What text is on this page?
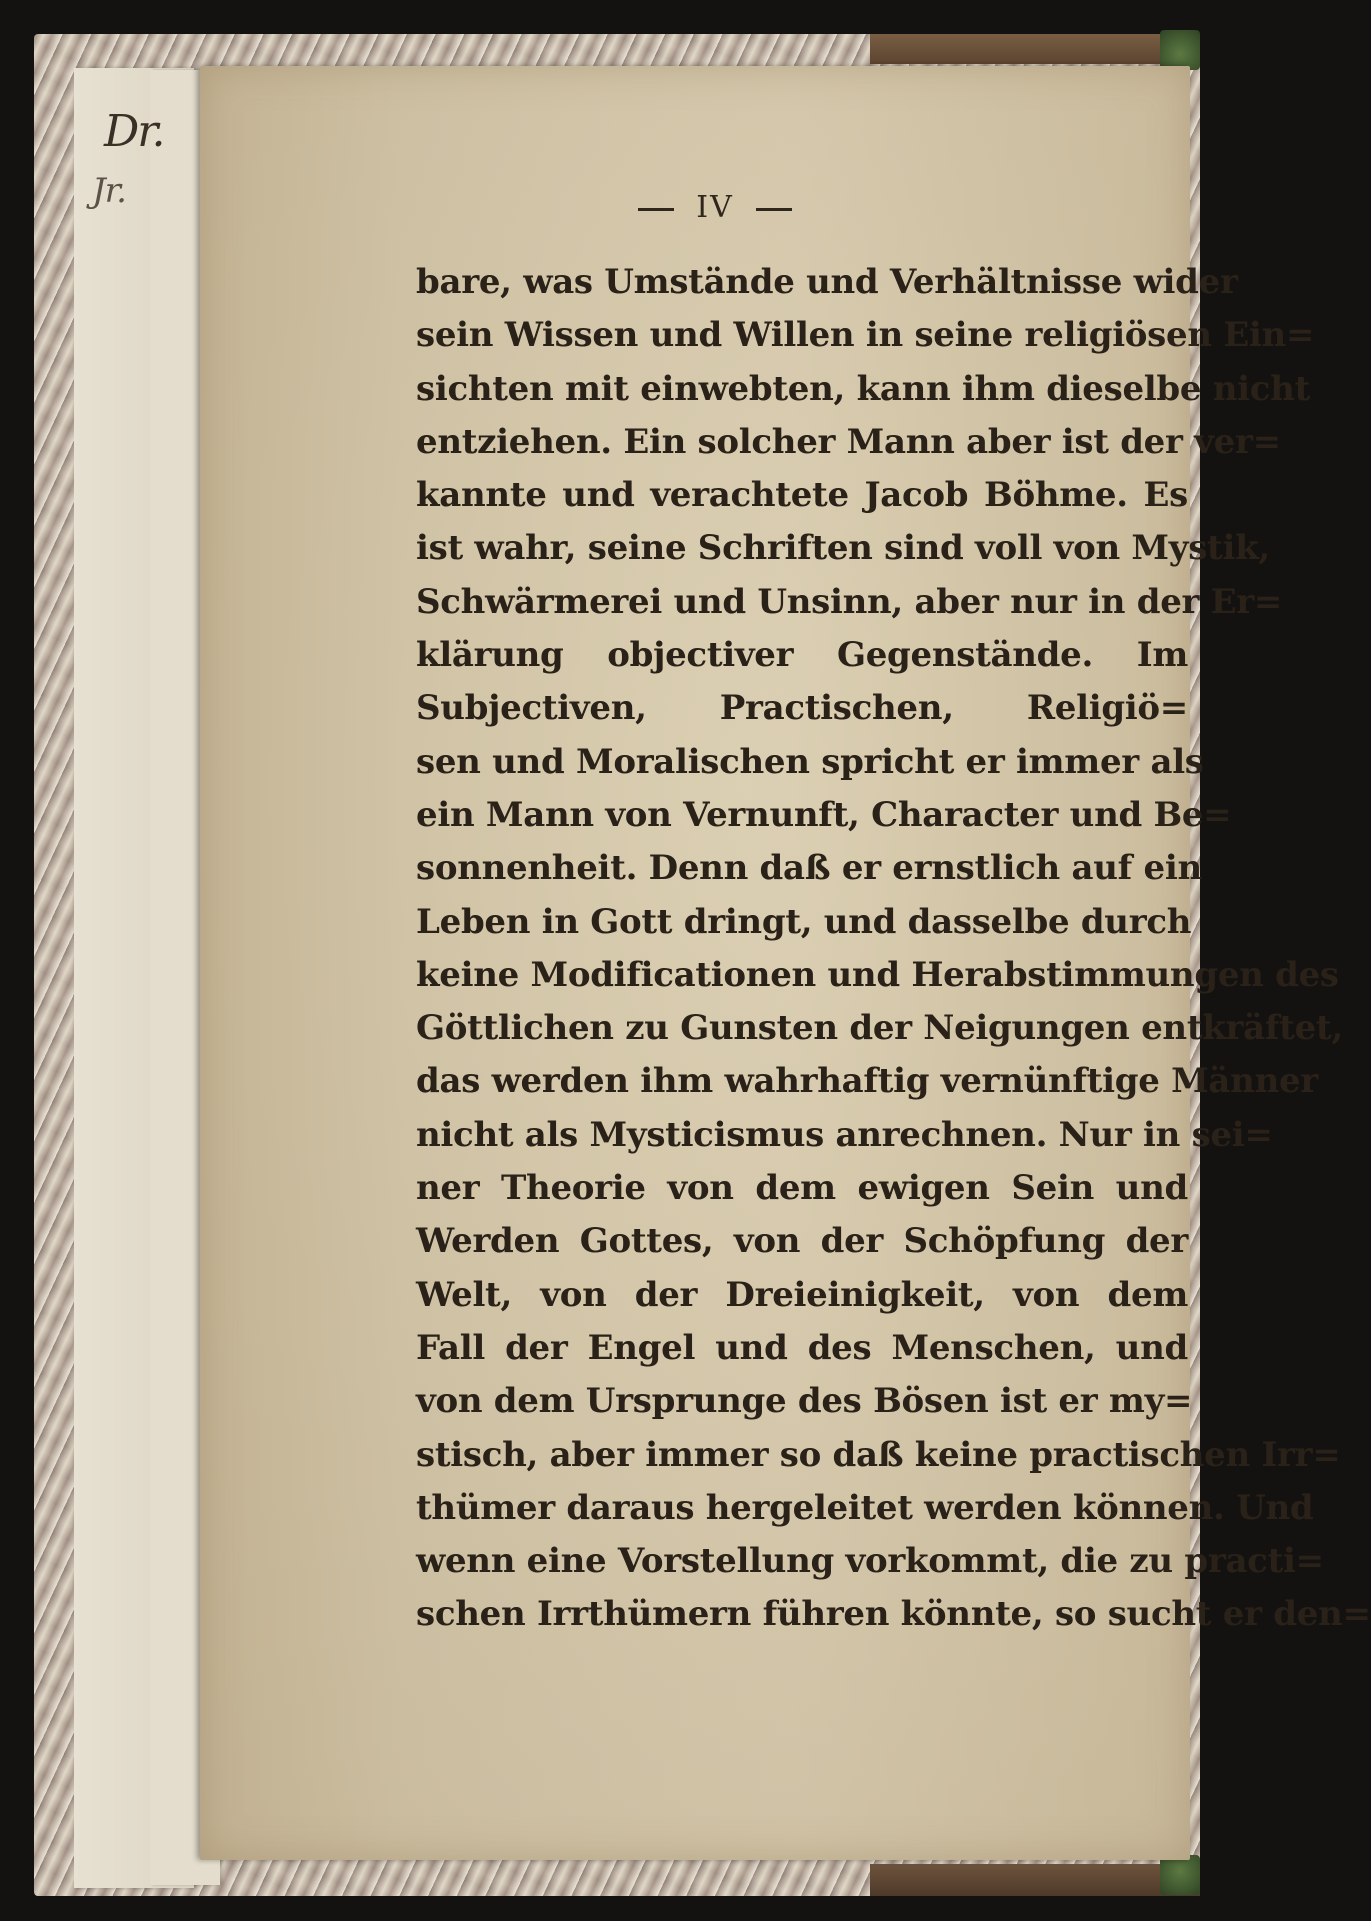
Dr.
Jr.	IV
bare, was Umstände und Verhältnisse wider
sein Wissen und Willen in seine religiösen Ein=
sichten mit einwebten, kann ihm dieselbe nicht
entziehen. Ein solcher Mann aber ist der ver=
kannte und verachtete Jacob Böhme. Es
ist wahr, seine Schriften sind voll von Mystik,
Schwärmerei und Unsinn, aber nur in der Er=
klärung objectiver Gegenstände. Im
Subjectiven, Practischen, Religiö=
sen und Moralischen spricht er immer als
ein Mann von Vernunft, Character und Be=
sonnenheit. Denn daß er ernstlich auf ein
Leben in Gott dringt, und dasselbe durch
keine Modificationen und Herabstimmungen des
Göttlichen zu Gunsten der Neigungen entkräftet,
das werden ihm wahrhaftig vernünftige Männer
nicht als Mysticismus anrechnen. Nur in sei=
ner Theorie von dem ewigen Sein und
Werden Gottes, von der Schöpfung der
Welt, von der Dreieinigkeit, von dem
Fall der Engel und des Menschen, und
von dem Ursprunge des Bösen ist er my=
stisch, aber immer so daß keine practischen Irr=
thümer daraus hergeleitet werden können. Und
wenn eine Vorstellung vorkommt, die zu practi=
schen Irrthümern führen könnte, so sucht er den=
